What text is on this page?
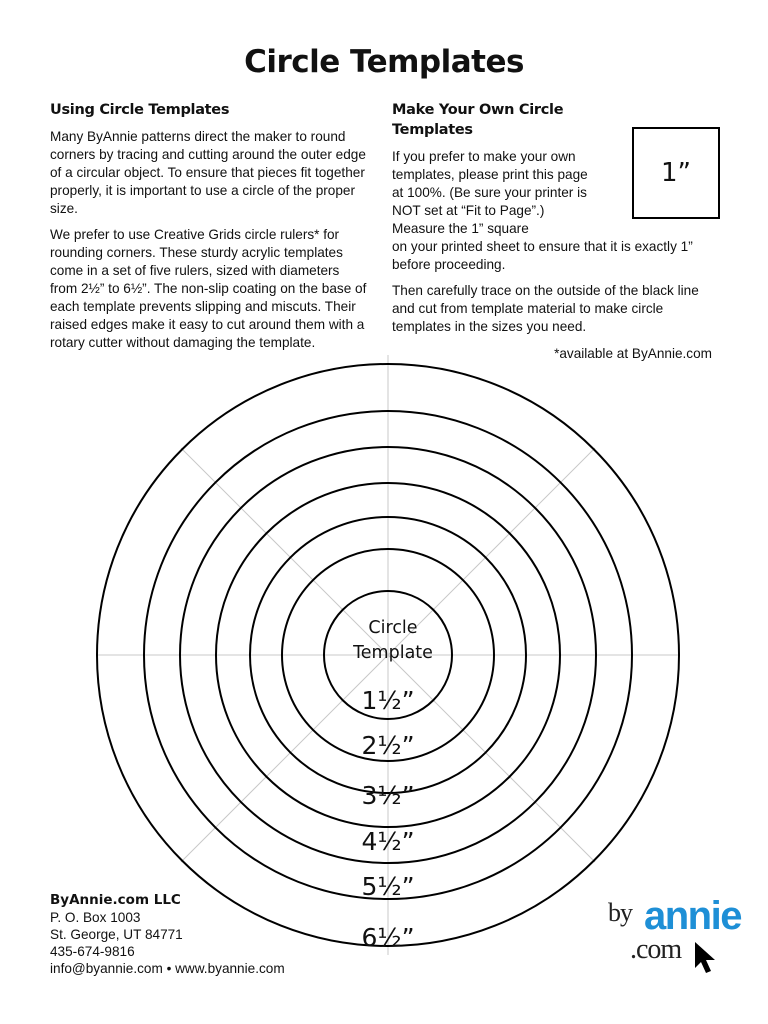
Circle Templates
Using Circle Templates

Many ByAnnie patterns direct the maker to round corners by tracing and cutting around the outer edge of a circular object. To ensure that pieces fit together properly, it is important to use a circle of the proper size.

We prefer to use Creative Grids circle rulers* for rounding corners. These sturdy acrylic templates come in a set of five rulers, sized with diameters from 2½” to 6½”. The non-slip coating on the base of each template prevents slipping and miscuts. Their raised edges make it easy to cut around them with a rotary cutter without damaging the template.

Make Your Own Circle Templates

If you prefer to make your own templates, please print this page at 100%. (Be sure your printer is NOT set at “Fit to Page”.) Measure the 1” square

on your printed sheet to ensure that it is exactly 1” before proceeding.

Then carefully trace on the outside of the black line and cut from template material to make circle templates in the sizes you need.

*available at ByAnnie.com

1”
Circle
Template
1½”
2½”
3½”
4½”
5½”
6½”
ByAnnie.com LLC
P. O. Box 1003
St. George, UT 84771
435-674-9816
info@byannie.com • www.byannie.com
by annie
.com
